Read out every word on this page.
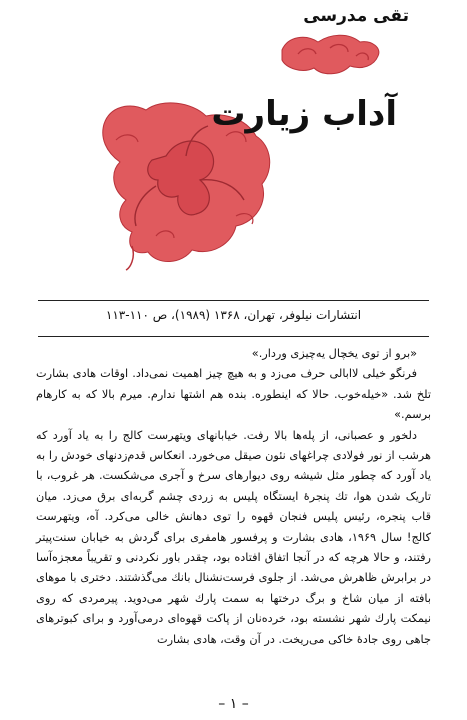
تقی مدرسی
آداب زیارت
انتشارات نیلوفر، تهران، ۱۳۶۸ (۱۹۸۹)، ص ۱۱۰-۱۱۳

«برو از توی یخچال یه‌چیزی وردار.»

فرنگو خیلی لاابالی حرف می‌زد و به هیچ چیز اهمیت نمی‌داد. اوقات هادی بشارت تلخ شد. «خیله‌خوب. حالا که اینطوره. بنده هم اشتها ندارم. میرم بالا که به کارهام برسم.»

دلخور و عصبانی، از پله‌ها بالا رفت. خیابانهای ویتهرست کالج را به یاد آورد که هرشب از نور فولادی چراغهای نئون صیقل می‌خورد. انعکاس قدم‌زدنهای خودش را به یاد آورد که چطور مثل شیشه روی دیوارهای سرخ و آجری می‌شکست. هر غروب، با تاریک شدن هوا، تك پنجرهٔ ایستگاه پلیس به زردی چشم گربه‌ای برق می‌زد. میان قاب پنجره، رئیس پلیس فنجان قهوه را توی دهانش خالی می‌کرد. آه، ویتهرست کالج! سال ۱۹۶۹، هادی بشارت و پرفسور هامفری برای گردش به خیابان سنت‌پیتر رفتند، و حالا هرچه که در آنجا اتفاق افتاده بود، چقدر باور نکردنی و تقریباً معجزه‌آسا در برابرش ظاهرش می‌شد. از جلوی فرست‌نشنال بانك می‌گذشتند. دختری با موهای بافته از میان شاخ و برگ درختها به سمت پارك شهر می‌دوید. پیرمردی که روی نیمکت پارك شهر نشسته بود، خرده‌نان از پاکت قهوه‌ای درمی‌آورد و برای کبوترهای جاهی روی جادهٔ خاکی می‌ریخت. در آن وقت، هادی بشارت

– ۱ –
